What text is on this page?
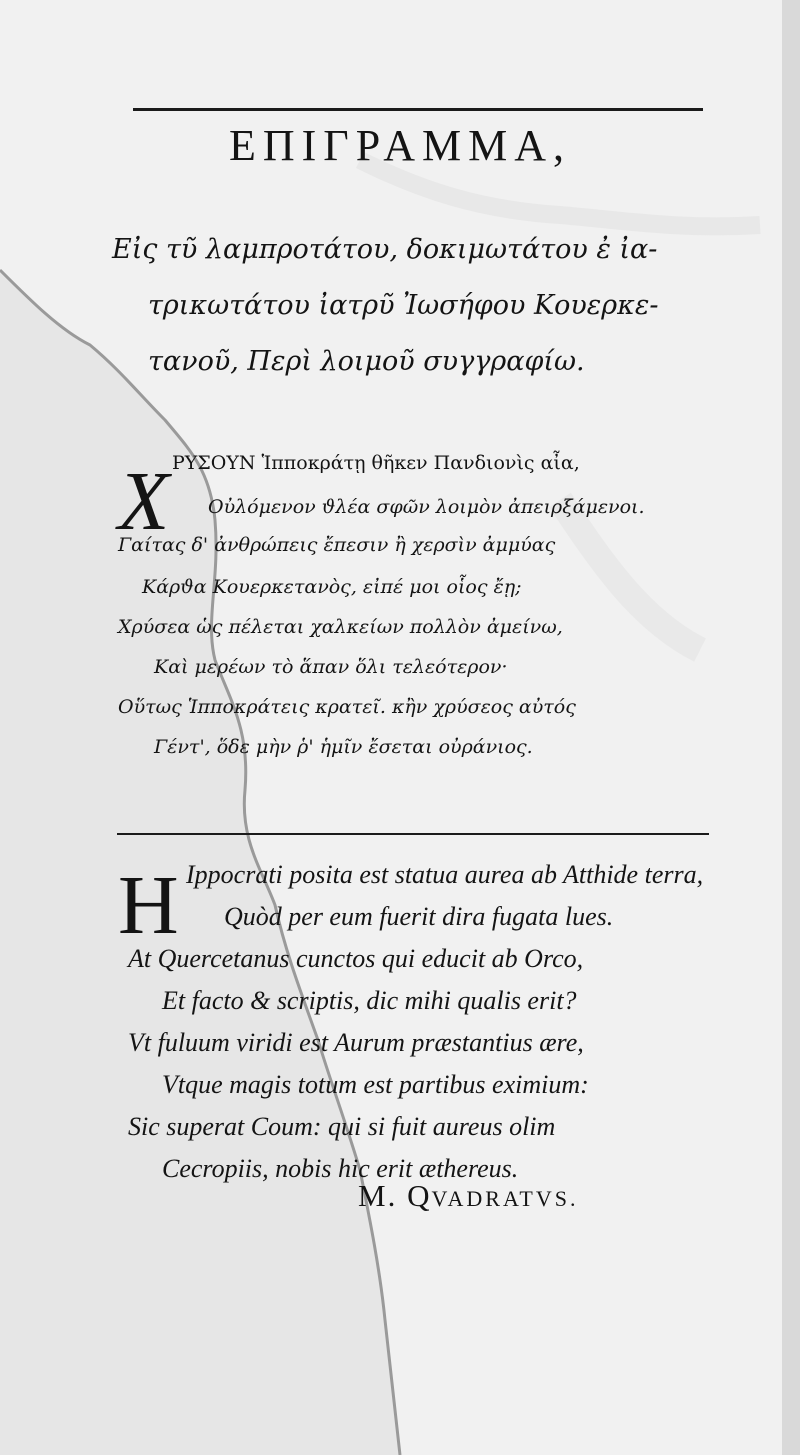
ΕΠΙΓΡΑΜΜΑ,
Εἰς τῦ λαμπροτάτου, δοκιμωτάτου ἐ ἰα-
τρικωτάτου ἰατρῦ Ἰωσήφου Κουερκε-
τανοῦ, Περὶ λοιμοῦ συγγραφίω.
Χ ΡΥΣΟΥΝ Ἱπποκράτῃ θῆκεν Πανδιονὶς αἶα,
Οὐλόμενον ϑλέα σφῶν λοιμὸν ἀπειρξάμενοι.
Γαίτας δ' ἀνθρώπεις ἔπεσιν ἢ χερσὶν ἀμμύας
Κάρϑα Κουερκετανὸς, εἰπέ μοι οἷος ἔῃ;
Χρύσεα ὡς πέλεται χαλκείων πολλὸν ἀμείνω,
Καὶ μερέων τὸ ἅπαν ὅλι τελεότερον·
Οὕτως Ἱπποκράτεις κρατεῖ. κἢν χρύσεος αὐτός
Γέντ', ὅδε μὴν ῥ' ἡμῖν ἔσεται οὐράνιος.
H Ippocrati posita est statua aurea ab Atthide terra,
Quòd per eum fuerit dira fugata lues.
At Quercetanus cunctos qui educit ab Orco,
Et facto & scriptis, dic mihi qualis erit?
Vt fuluum viridi est Aurum præstantius ære,
Vtque magis totum est partibus eximium:
Sic superat Coum: qui si fuit aureus olim
Cecropiis, nobis hic erit æthereus.
M. QVADRATVS.
